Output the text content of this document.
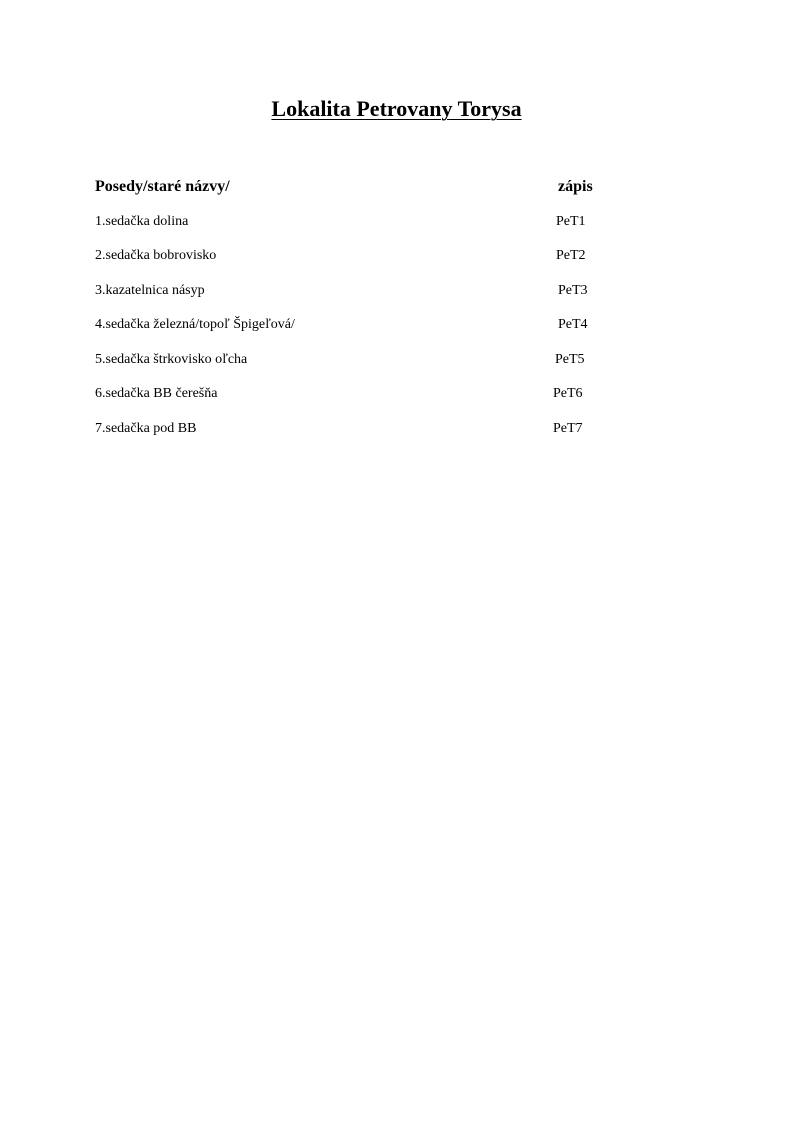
Lokalita Petrovany Torysa
Posedy/staré názvy/	zápis
1.sedačka dolina	PeT1
2.sedačka bobrovisko	PeT2
3.kazatelnica násyp	PeT3
4.sedačka železná/topoľ Špigeľová/	PeT4
5.sedačka štrkovisko oľcha	PeT5
6.sedačka BB čerešňa	PeT6
7.sedačka pod BB	PeT7
